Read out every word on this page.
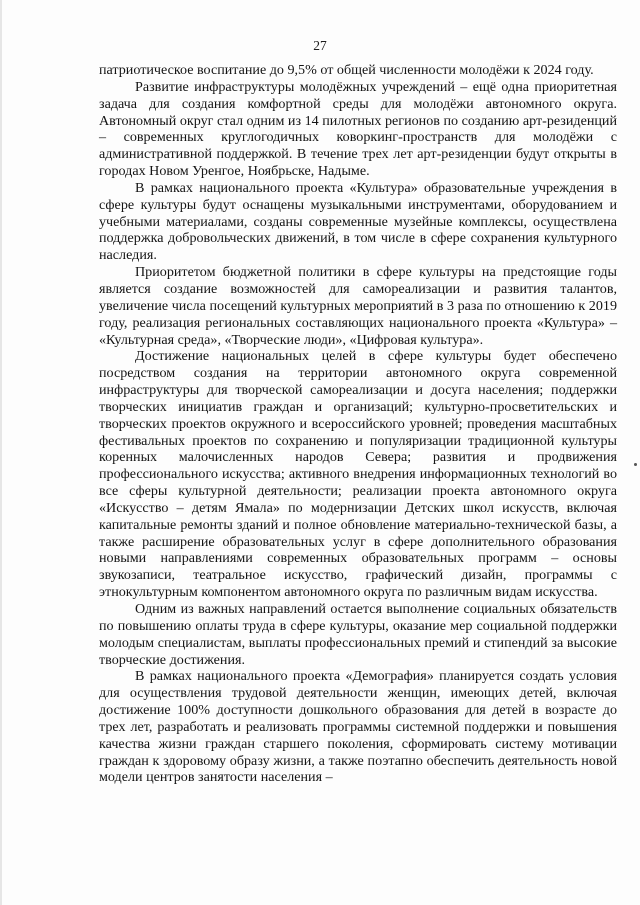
27

патриотическое воспитание до 9,5% от общей численности молодёжи к 2024 году.

Развитие инфраструктуры молодёжных учреждений – ещё одна приоритетная задача для создания комфортной среды для молодёжи автономного округа. Автономный округ стал одним из 14 пилотных регионов по созданию арт-резиденций – современных круглогодичных коворкинг-пространств для молодёжи с административной поддержкой. В течение трех лет арт-резиденции будут открыты в городах Новом Уренгое, Ноябрьске, Надыме.

В рамках национального проекта «Культура» образовательные учреждения в сфере культуры будут оснащены музыкальными инструментами, оборудованием и учебными материалами, созданы современные музейные комплексы, осуществлена поддержка добровольческих движений, в том числе в сфере сохранения культурного наследия.

Приоритетом бюджетной политики в сфере культуры на предстоящие годы является создание возможностей для самореализации и развития талантов, увеличение числа посещений культурных мероприятий в 3 раза по отношению к 2019 году, реализация региональных составляющих национального проекта «Культура» – «Культурная среда», «Творческие люди», «Цифровая культура».

Достижение национальных целей в сфере культуры будет обеспечено посредством создания на территории автономного округа современной инфраструктуры для творческой самореализации и досуга населения; поддержки творческих инициатив граждан и организаций; культурно-просветительских и творческих проектов окружного и всероссийского уровней; проведения масштабных фестивальных проектов по сохранению и популяризации традиционной культуры коренных малочисленных народов Севера; развития и продвижения профессионального искусства; активного внедрения информационных технологий во все сферы культурной деятельности; реализации проекта автономного округа «Искусство – детям Ямала» по модернизации Детских школ искусств, включая капитальные ремонты зданий и полное обновление материально-технической базы, а также расширение образовательных услуг в сфере дополнительного образования новыми направлениями современных образовательных программ – основы звукозаписи, театральное искусство, графический дизайн, программы с этнокультурным компонентом автономного округа по различным видам искусства.

Одним из важных направлений остается выполнение социальных обязательств по повышению оплаты труда в сфере культуры, оказание мер социальной поддержки молодым специалистам, выплаты профессиональных премий и стипендий за высокие творческие достижения.

В рамках национального проекта «Демография» планируется создать условия для осуществления трудовой деятельности женщин, имеющих детей, включая достижение 100% доступности дошкольного образования для детей в возрасте до трех лет, разработать и реализовать программы системной поддержки и повышения качества жизни граждан старшего поколения, сформировать систему мотивации граждан к здоровому образу жизни, а также поэтапно обеспечить деятельность новой модели центров занятости населения –
